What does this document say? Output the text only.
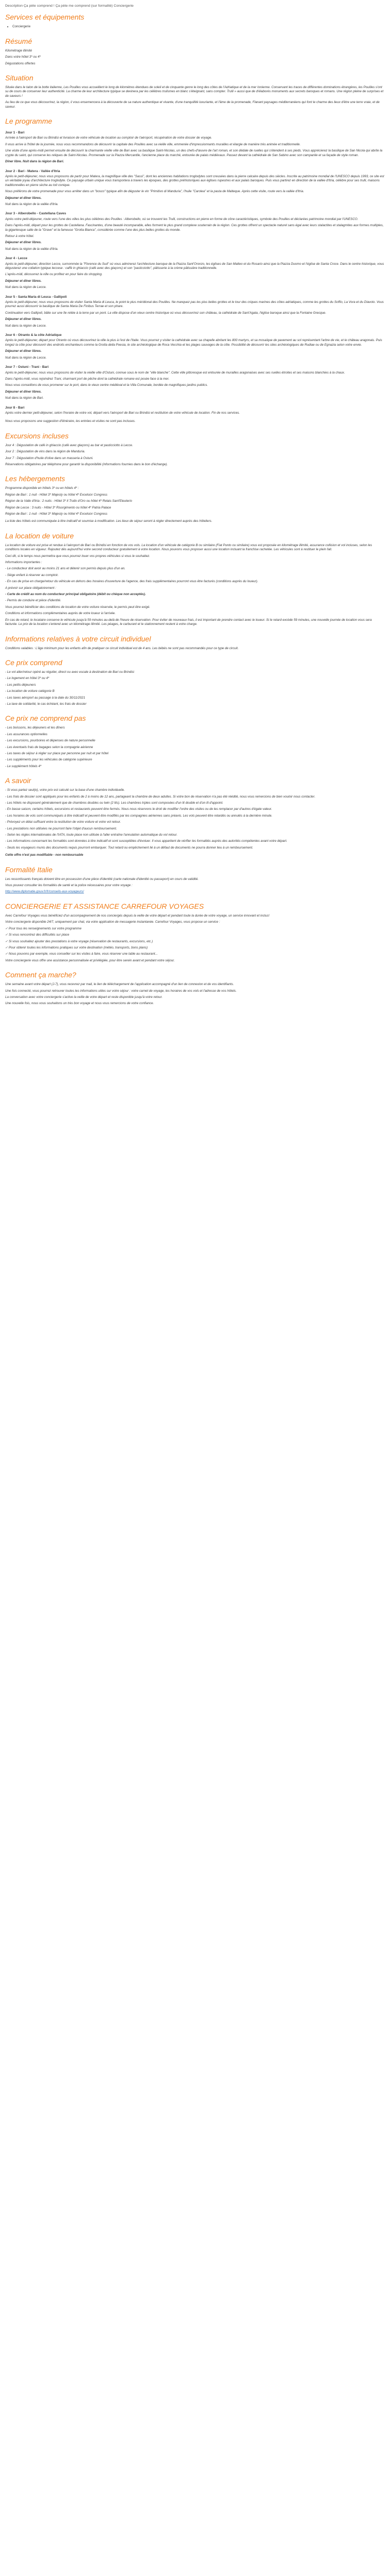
Description Ça pète comprend ! Ça pète me comprend (sur formalité) Conciergerie

Services et équipements
• Conciergerie
Résumé

Kilométrage illimité

Dans votre hôtel 3* ou 4*

Dégustations offertes

Situation

Située dans le talon de la botte italienne, Les Pouilles vous accueillent le long de kilomètres étendues de soleil et de cinquante genre le long des côtes de l'Adriatique et de la mer Ionienne. Conservant les traces de différentes dominations étrangères, les Pouilles s'ont su de cours de conserver leur authenticité. La charme de leur architecture typique se devinera par les célèbres trulismes en blanc s'éteignant, sans compter. Trulli » aussi que de d'élaborés monuments aux secrets baroques et romans. Une région pleine de surprises et de saveurs !

Au lieu de ce que vous découvrirez, la région, il vous ensemencera à la découverte de sa nature authentique et vivante, d'une tranquillité luxuriante, et l'âme de la promenade, Flanant paysages méditerranéens qui font le charme des lieux d'être une terre vraie, et de saveur.

Le programme
Jour 1 - Bari

Arrivée à l'aéroport de Bari ou Brindisi et livraison de votre véhicule de location au comptoir de l'aéroport, récupération de votre dossier de voyage.

Il vous arrive à l'hôtel de la journée, nous vous recommandons de découvrir la capitale des Pouilles avec sa vieille ville, emmenée d'impressionnants murailles et élargie de manière très animée et traditionnelle.

Une visite d'une après-midi permet ensuite de découvrir la charmante vieille ville de Bari avec sa basilique Saint-Nicolas, un des chefs-d'œuvre de l'art roman, et son dédale de ruelles qui s'étendent à ses pieds. Vous apprécierez la basilique de San Nicola qui abrite la crypte du saint, qui conserve les reliques de Saint-Nicolas. Promenade sur la Piazza Mercantile, l'ancienne place du marché, entourée de palais médiévaux. Passez devant la cathédrale de San Sabino avec son campanile et sa façade de style roman.

Dîner libre. Nuit dans la région de Bari.

Jour 2 - Bari - Matera - Vallée d'Itria

Après le petit-déjeuner, nous vous proposons de partir pour Matera, la magnifique ville des "Sassi", dont les anciennes habitations troglodytes sont creusées dans la pierre calcaire depuis des siècles. Inscrite au patrimoine mondial de l'UNESCO depuis 1993, ce site est un véritable joyau d'architecture troglodyte. Ce paysage urbain unique vous transportera à travers les époques, des grottes préhistoriques aux églises rupestres et aux palais baroques. Puis vous partirez en direction de la vallée d'Itria, célèbre pour ses trulli, maisons traditionnelles en pierre sèche au toit conique.

Nous préférons de votre promenade pour vous arrêter dans un "bosco" typique afin de déguster le vin "Primitivo di Manduria", l'huile "Carolea" et la pasta de Malteque. Après cette visite, route vers la vallée d'Itria.

Déjeuner et dîner libres.

Nuit dans la région de la vallée d'Itria.

Jour 3 - Alberobello - Castellana Caves

Après votre petit-déjeuner, route vers l'une des villes les plus célèbres des Pouilles : Alberobello, où se trouvent les Trulli, constructions en pierre en forme de cône caractéristiques, symbole des Pouilles et déclarées patrimoine mondial par l'UNESCO.

Dans l'après-midi, départ pour les grottes de Castellana. Fascinantes, d'une beauté incomparable, elles forment le plus grand complexe souterrain de la région. Ces grottes offrent un spectacle naturel sans égal avec leurs stalactites et stalagmites aux formes multiples, la gigantesque salle de la "Grave" et la fameuse "Grotta Bianca", considérée comme l'une des plus belles grottes du monde.

Retour à votre hôtel.

Déjeuner et dîner libres.

Nuit dans la région de la vallée d'Itria.

Jour 4 - Lecce

Après le petit-déjeuner, direction Lecce, surnommée la "Florence du Sud" où vous admirerez l'architecture baroque de la Piazza Sant'Oronzo, les églises de San Matteo et du Rosario ainsi que la Piazza Duomo et l'église de Santa Croce. Dans le centre historique, vous dégusterez une collation typique leccese : caffè in ghiaccio (café avec des glaçons) et son "pasticciotto", pâtisserie à la crème pâtissière traditionnelle.

L'après-midi, découvrez la ville ou profitez en pour faire du shopping.

Déjeuner et dîner libres.

Nuit dans la région de Lecce.

Jour 5 - Santa Maria di Leuca - Gallipoli

Après le petit-déjeuner, nous vous proposons de visiter Santa Maria di Leuca, le point le plus méridional des Pouilles. Ne manquez pas les plus belles grottes et le tour des criques marines des côtes adriatiques, comme les grottes du Soffio, La Vora et du Diavolo. Vous pourrez aussi découvrir la basilique de Santa Maria De Finibus Terrae et son phare.

Continuation vers Gallipoli, bâtie sur une île reliée à la terre par un pont. La ville dispose d'un vieux centre historique où vous découvrirez son château, la cathédrale de Sant'Agata, l'église baroque ainsi que la Fontaine Grecque.

Déjeuner et dîner libres.

Nuit dans la région de Lecce.

Jour 6 - Otranto & la côte Adriatique

Après le petit-déjeuner, départ pour Otranto où vous découvrirez la ville la plus à l'est de l'Italie. Vous pourrez y visiter la cathédrale avec sa chapelle abritant les 800 martyrs, et sa mosaïque de pavement au sol représentant l'arbre de vie, et le château aragonais. Puis longez la côte pour découvrir des endroits enchanteurs comme la Grotta della Poesia, le site archéologique de Roca Vecchia et les plages sauvages de la côte. Possibilité de découvrir les sites archéologiques de Rudiae ou de Egnazia selon votre envie.

Déjeuner et dîner libres.

Nuit dans la région de Lecce.

Jour 7 - Ostuni - Trani - Bari

Après le petit-déjeuner, nous vous proposons de visiter la vieille ville d'Ostuni, connue sous le nom de "ville blanche". Cette ville pittoresque est entourée de murailles aragonaises avec ses ruelles étroites et ses maisons blanchies à la chaux.

Dans l'après-midi, vous rejoindrez Trani, charmant port de pêche dont la cathédrale romane est posée face à la mer.

Nous vous conseillons de vous promener sur le port, dans le vieux centre médiéval et la Villa Comunale, bordée de magnifiques jardins publics.

Déjeuner et dîner libres.

Nuit dans la région de Bari.

Jour 8 - Bari

Après votre dernier petit-déjeuner, selon l'horaire de votre vol, départ vers l'aéroport de Bari ou Brindisi et restitution de votre véhicule de location. Fin de nos services.

Nous vous proposons une suggestion d'itinéraire, les entrées et visites ne sont pas incluses.

Excursions incluses

Jour 4 : Dégustation de café in ghiaccio (café avec glaçons) au bar et pasticciotto à Lecce.

Jour 2 : Dégustation de vins dans la région de Manduria.

Jour 7 : Dégustation d'huile d'olive dans un masseria à Ostuni.

Réservations obligatoires par téléphone pour garantir la disponibilité (informations fournies dans le bon d'échange).

Les hébergements

Programme disponible en hôtels 3* ou en hôtels 4* :

Région de Bari : 1 nuit - Hôtel 3* Majesty ou hôtel 4* Excelsior Congress

Région de la Valle d'Itria : 2 nuits - Hôtel 3* Il Trullo d'Oro ou hôtel 4* Relais Sant'Eleuterio

Région de Lecce : 3 nuits - Hôtel 3* Risorgimento ou hôtel 4* Patria Palace

Région de Bari : 1 nuit - Hôtel 3* Majesty ou hôtel 4* Excelsior Congress

La liste des hôtels est communiquée à titre indicatif et soumise à modification. Les lieux de séjour seront à régler directement auprès des hôteliers.

La location de voiture

La location de voiture est prise et rendue à l'aéroport de Bari ou Brindisi en fonction de vos vols. La location d'un véhicule de catégorie B ou similaire (Fiat Punto ou similaire) vous est proposée en kilométrage illimité, assurance collision et vol incluses, selon les conditions locales en vigueur. Rajoutez dès aujourd'hui votre second conducteur gratuitement à votre location. Nous pouvons vous proposer aussi une location incluant la franchise rachetée. Les véhicules sont à restituer le plein fait.

Ceci dit, si le temps nous permettra que vous pourrez louer vos propres véhicules si vous le souhaitez.

Informations importantes :

- Le conducteur doit avoir au moins 21 ans et détenir son permis depuis plus d'un an.

- Siège enfant à réserver au comptoir.

- En cas de prise en charge/retour du véhicule en dehors des horaires d'ouverture de l'agence, des frais supplémentaires pourront vous être facturés (conditions auprès du loueur).

A prévoir sur place obligatoirement :

- Carte de crédit au nom du conducteur principal obligatoire (débit ou chèque non acceptés).

- Permis de conduire et pièce d'identité.

Vous pourrez bénéficier des conditions de location de votre voiture réservée, le permis peut être exigé.

Conditions et informations complémentaires auprès de votre loueur à l'arrivée.

En cas de retard, le locataire conserve le véhicule jusqu'à 59 minutes au-delà de l'heure de réservation. Pour éviter de nouveaux frais, il est important de prendre contact avec le loueur. Si le retard excède 59 minutes, une nouvelle journée de location vous sera facturée. Le prix de la location s'entend avec un kilométrage illimité. Les péages, le carburant et le stationnement restent à votre charge.

Informations relatives à votre circuit individuel

Conditions valables : L'âge minimum pour les enfants afin de pratiquer ce circuit individuel est de 4 ans. Les bébés ne sont pas recommandés pour ce type de circuit.

Ce prix comprend

- Le vol aller/retour opéré au régulier, direct ou avec escale à destination de Bari ou Brindisi

- Le logement en hôtel 3* ou 4*

- Les petits-déjeuners

- La location de voiture catégorie B

- Les taxes aéroport au passage à la date du 30/11/2021

- La taxe de solidarité, le cas échéant, les frais de dossier

Ce prix ne comprend pas

- Les boissons, les déjeuners et les dîners

- Les assurances optionnelles

- Les excursions, pourboires et dépenses de nature personnelle

- Les éventuels frais de bagages selon la compagnie aérienne

- Les taxes de séjour à régler sur place par personne par nuit et par hôtel

- Les suppléments pour les véhicules de catégorie supérieure

- Le supplément hôtels 4*

A savoir

- Si vous partez seul(e), votre prix est calculé sur la base d'une chambre individuelle.

- Les frais de dossier sont appliqués pour les enfants de 2 à moins de 12 ans, partageant la chambre de deux adultes. Si votre bon de réservation n'a pas été réédité, nous vous remercions de bien vouloir nous contacter.

- Les hôtels ne disposent généralement que de chambres doubles ou twin (2 lits). Les chambres triples sont composées d'un lit double et d'un lit d'appoint.

- En basse saison, certains hôtels, excursions et restaurants peuvent être fermés. Nous nous réservons le droit de modifier l'ordre des visites ou de les remplacer par d'autres d'égale valeur.

- Les horaires de vols sont communiqués à titre indicatif et peuvent être modifiés par les compagnies aériennes sans préavis. Les vols peuvent être retardés ou annulés à la dernière minute.

- Prévoyez un délai suffisant entre la restitution de votre voiture et votre vol retour.

- Les prestations non utilisées ne pourront faire l'objet d'aucun remboursement.

- Selon les règles internationales de l'IATA, toute place non utilisée à l'aller entraîne l'annulation automatique du vol retour.

- Les informations concernant les formalités sont données à titre indicatif et sont susceptibles d'évoluer. Il vous appartient de vérifier les formalités auprès des autorités compétentes avant votre départ.

- Seuls les voyageurs munis des documents requis pourront embarquer. Tout retard ou empêchement lié à un défaut de documents ne pourra donner lieu à un remboursement.

Cette offre n'est pas modifiable - non remboursable

Formalité Italie

Les ressortissants français doivent être en possession d'une pièce d'identité (carte nationale d'identité ou passeport) en cours de validité.

Vous pouvez consulter les formalités de santé et la police nécessaires pour votre voyage :

http://www.diplomatie.gouv.fr/fr/conseils-aux-voyageurs/

CONCIERGERIE ET ASSISTANCE CARREFOUR VOYAGES

Avec Carrefour Voyages vous bénéficiez d'un accompagnement de nos conciergés depuis la veille de votre départ et pendant toute la durée de votre voyage, un service innovant et inclus!

Votre conciergerie disponible 24/7, uniquement par chat, via votre application de messagerie instantanée. Carrefour Voyages, vous propose un service :

✓ Pour tous les renseignements sur votre programme

✓ Si vous rencontrez des difficultés sur place

✓ Si vous souhaitez ajouter des prestations à votre voyage (réservation de restaurants, excursions, etc.)

✓ Pour obtenir toutes les informations pratiques sur votre destination (météo, transports, bons plans)

✓ Nous pouvons par exemple, vous conseiller sur les visites à faire, vous réserver une table au restaurant...

Votre conciergerie vous offre une assistance personnalisée et privilégiée, pour être serein avant et pendant votre séjour.

Comment ça marche?

Une semaine avant votre départ (J-7), vous recevrez par mail, le lien de téléchargement de l'application accompagné d'un lien de connexion et de vos identifiants.

Une fois connecté, vous pourrez retrouver toutes les informations utiles sur votre séjour : votre carnet de voyage, les horaires de vos vols et l'adresse de vos hôtels.

La conversation avec votre conciergerie s'active la veille de votre départ et reste disponible jusqu'à votre retour.

Une nouvelle fois, nous vous souhaitons un très bon voyage et nous vous remercions de votre confiance.
